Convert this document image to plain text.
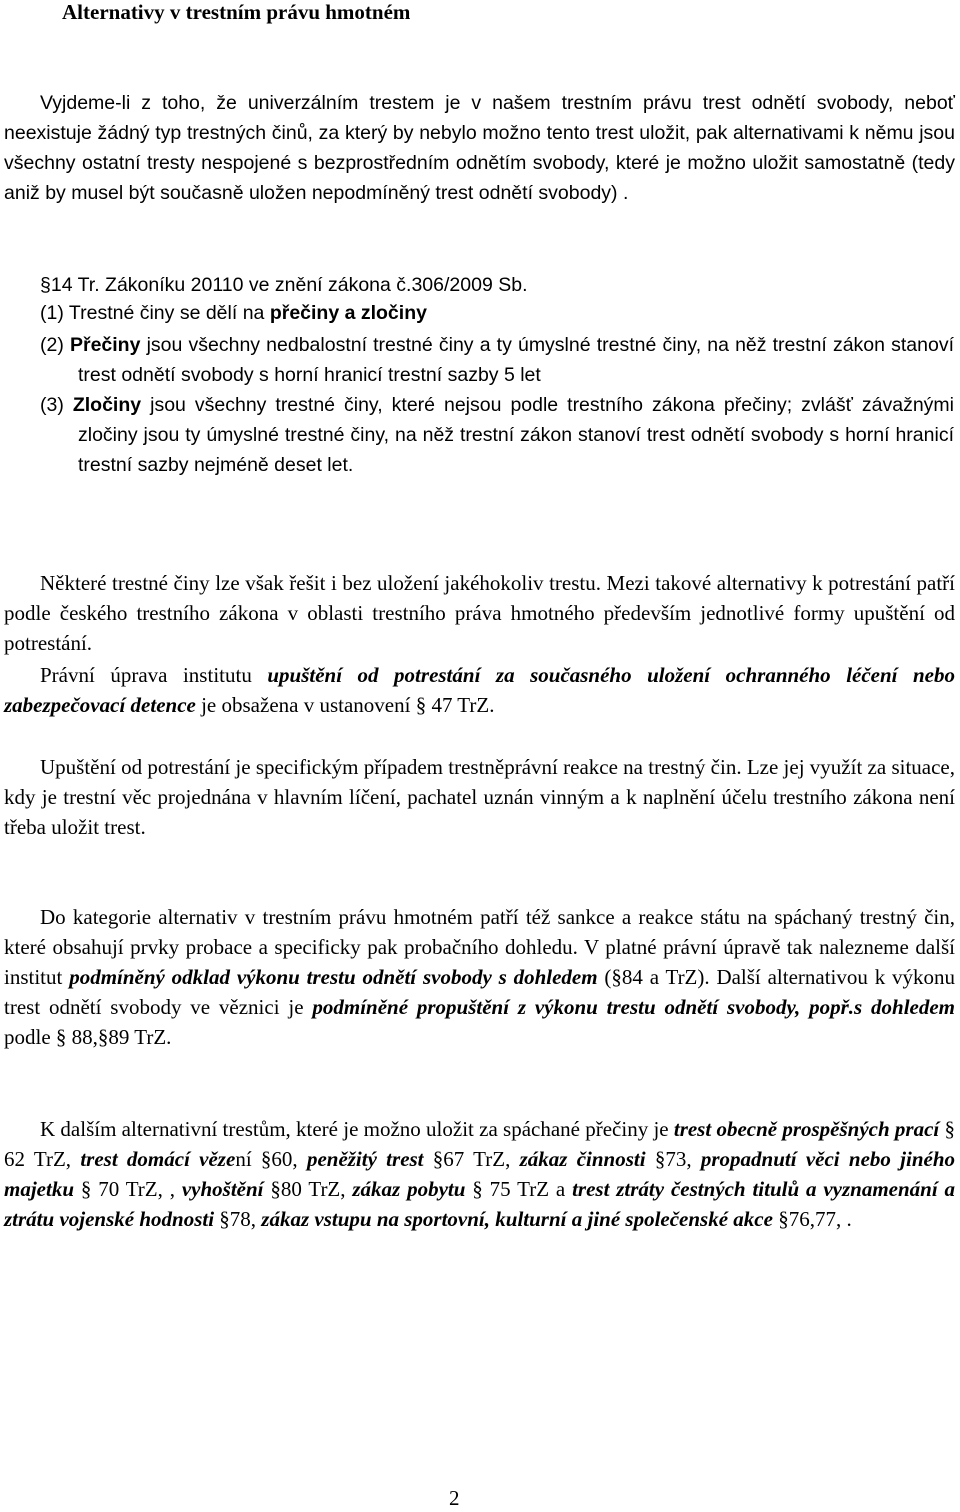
Alternativy v trestním právu hmotném

Vyjdeme-li z toho, že univerzálním trestem je v našem trestním právu trest odnětí svobody, neboť neexistuje žádný typ trestných činů, za který by nebylo možno tento trest uložit, pak alternativami k němu jsou všechny ostatní tresty nespojené s bezprostředním odnětím svobody, které je možno uložit samostatně (tedy aniž by musel být současně uložen nepodmíněný trest odnětí svobody) .

§14 Tr. Zákoníku 20110 ve znění zákona č.306/2009 Sb.

(1) Trestné činy se dělí na přečiny a zločiny

(2) Přečiny jsou všechny nedbalostní trestné činy a ty úmyslné trestné činy, na něž trestní zákon stanoví trest odnětí svobody s horní hranicí trestní sazby 5 let

(3) Zločiny jsou všechny trestné činy, které nejsou podle trestního zákona přečiny; zvlášť závažnými zločiny jsou ty úmyslné trestné činy, na něž trestní zákon stanoví trest odnětí svobody s horní hranicí trestní sazby nejméně deset let.

Některé trestné činy lze však řešit i bez uložení jakéhokoliv trestu. Mezi takové alternativy k potrestání patří podle českého trestního zákona v oblasti trestního práva hmotného především jednotlivé formy upuštění od potrestání.

Právní úprava institutu upuštění od potrestání za současného uložení ochranného léčení nebo zabezpečovací detence je obsažena v ustanovení § 47 TrZ.

Upuštění od potrestání je specifickým případem trestněprávní reakce na trestný čin. Lze jej využít za situace, kdy je trestní věc projednána v hlavním líčení, pachatel uznán vinným a k naplnění účelu trestního zákona není třeba uložit trest.

Do kategorie alternativ v trestním právu hmotném patří též sankce a reakce státu na spáchaný trestný čin, které obsahují prvky probace a specificky pak probačního dohledu. V platné právní úpravě tak nalezneme další institut podmíněný odklad výkonu trestu odnětí svobody s dohledem (§84 a TrZ). Další alternativou k výkonu trest odnětí svobody ve věznici je podmíněné propuštění z výkonu trestu odnětí svobody, popř.s dohledem podle § 88,§89 TrZ.

K dalším alternativní trestům, které je možno uložit za spáchané přečiny je trest obecně prospěšných prací § 62 TrZ, trest domácí vězení §60, peněžitý trest §67 TrZ, zákaz činnosti §73, propadnutí věci nebo jiného majetku § 70 TrZ, , vyhoštění §80 TrZ, zákaz pobytu § 75 TrZ a trest ztráty čestných titulů a vyznamenání a ztrátu vojenské hodnosti §78, zákaz vstupu na sportovní, kulturní a jiné společenské akce §76,77, .

2
